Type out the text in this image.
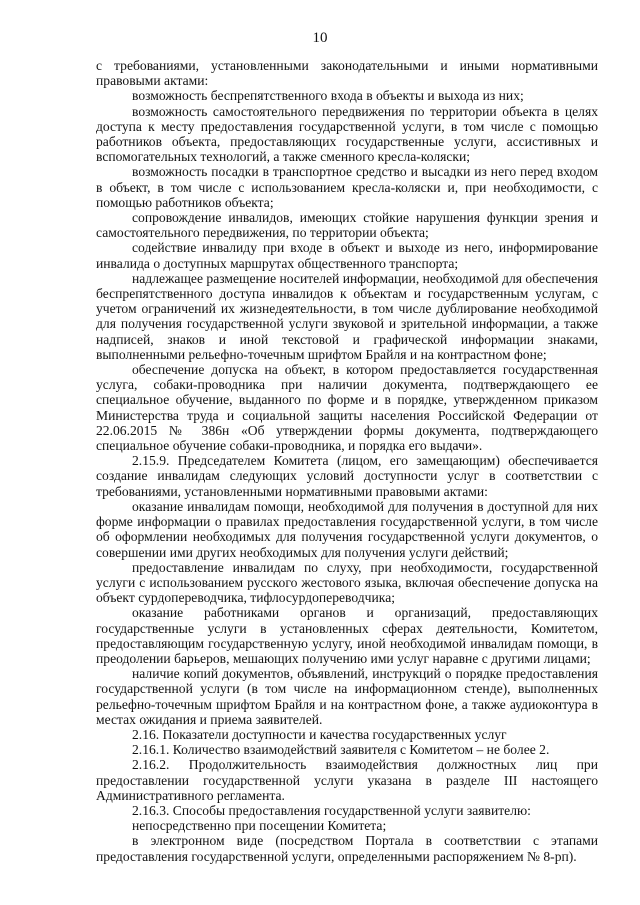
10

с требованиями, установленными законодательными и иными нормативными правовыми актами:

возможность беспрепятственного входа в объекты и выхода из них;

возможность самостоятельного передвижения по территории объекта в целях доступа к месту предоставления государственной услуги, в том числе с помощью работников объекта, предоставляющих государственные услуги, ассистивных и вспомогательных технологий, а также сменного кресла-коляски;

возможность посадки в транспортное средство и высадки из него перед входом в объект, в том числе с использованием кресла-коляски и, при необходимости, с помощью работников объекта;

сопровождение инвалидов, имеющих стойкие нарушения функции зрения и самостоятельного передвижения, по территории объекта;

содействие инвалиду при входе в объект и выходе из него, информирование инвалида о доступных маршрутах общественного транспорта;

надлежащее размещение носителей информации, необходимой для обеспечения беспрепятственного доступа инвалидов к объектам и государственным услугам, с учетом ограничений их жизнедеятельности, в том числе дублирование необходимой для получения государственной услуги звуковой и зрительной информации, а также надписей, знаков и иной текстовой и графической информации знаками, выполненными рельефно-точечным шрифтом Брайля и на контрастном фоне;

обеспечение допуска на объект, в котором предоставляется государственная услуга, собаки-проводника при наличии документа, подтверждающего ее специальное обучение, выданного по форме и в порядке, утвержденном приказом Министерства труда и социальной защиты населения Российской Федерации от 22.06.2015 № 386н «Об утверждении формы документа, подтверждающего специальное обучение собаки-проводника, и порядка его выдачи».

2.15.9. Председателем Комитета (лицом, его замещающим) обеспечивается создание инвалидам следующих условий доступности услуг в соответствии с требованиями, установленными нормативными правовыми актами:

оказание инвалидам помощи, необходимой для получения в доступной для них форме информации о правилах предоставления государственной услуги, в том числе об оформлении необходимых для получения государственной услуги документов, о совершении ими других необходимых для получения услуги действий;

предоставление инвалидам по слуху, при необходимости, государственной услуги с использованием русского жестового языка, включая обеспечение допуска на объект сурдопереводчика, тифлосурдопереводчика;

оказание работниками органов и организаций, предоставляющих государственные услуги в установленных сферах деятельности, Комитетом, предоставляющим государственную услугу, иной необходимой инвалидам помощи, в преодолении барьеров, мешающих получению ими услуг наравне с другими лицами;

наличие копий документов, объявлений, инструкций о порядке предоставления государственной услуги (в том числе на информационном стенде), выполненных рельефно-точечным шрифтом Брайля и на контрастном фоне, а также аудиоконтура в местах ожидания и приема заявителей.

2.16. Показатели доступности и качества государственных услуг

2.16.1. Количество взаимодействий заявителя с Комитетом – не более 2.

2.16.2. Продолжительность взаимодействия должностных лиц при предоставлении государственной услуги указана в разделе III настоящего Административного регламента.

2.16.3. Способы предоставления государственной услуги заявителю:

непосредственно при посещении Комитета;

в электронном виде (посредством Портала в соответствии с этапами предоставления государственной услуги, определенными распоряжением № 8-рп).
